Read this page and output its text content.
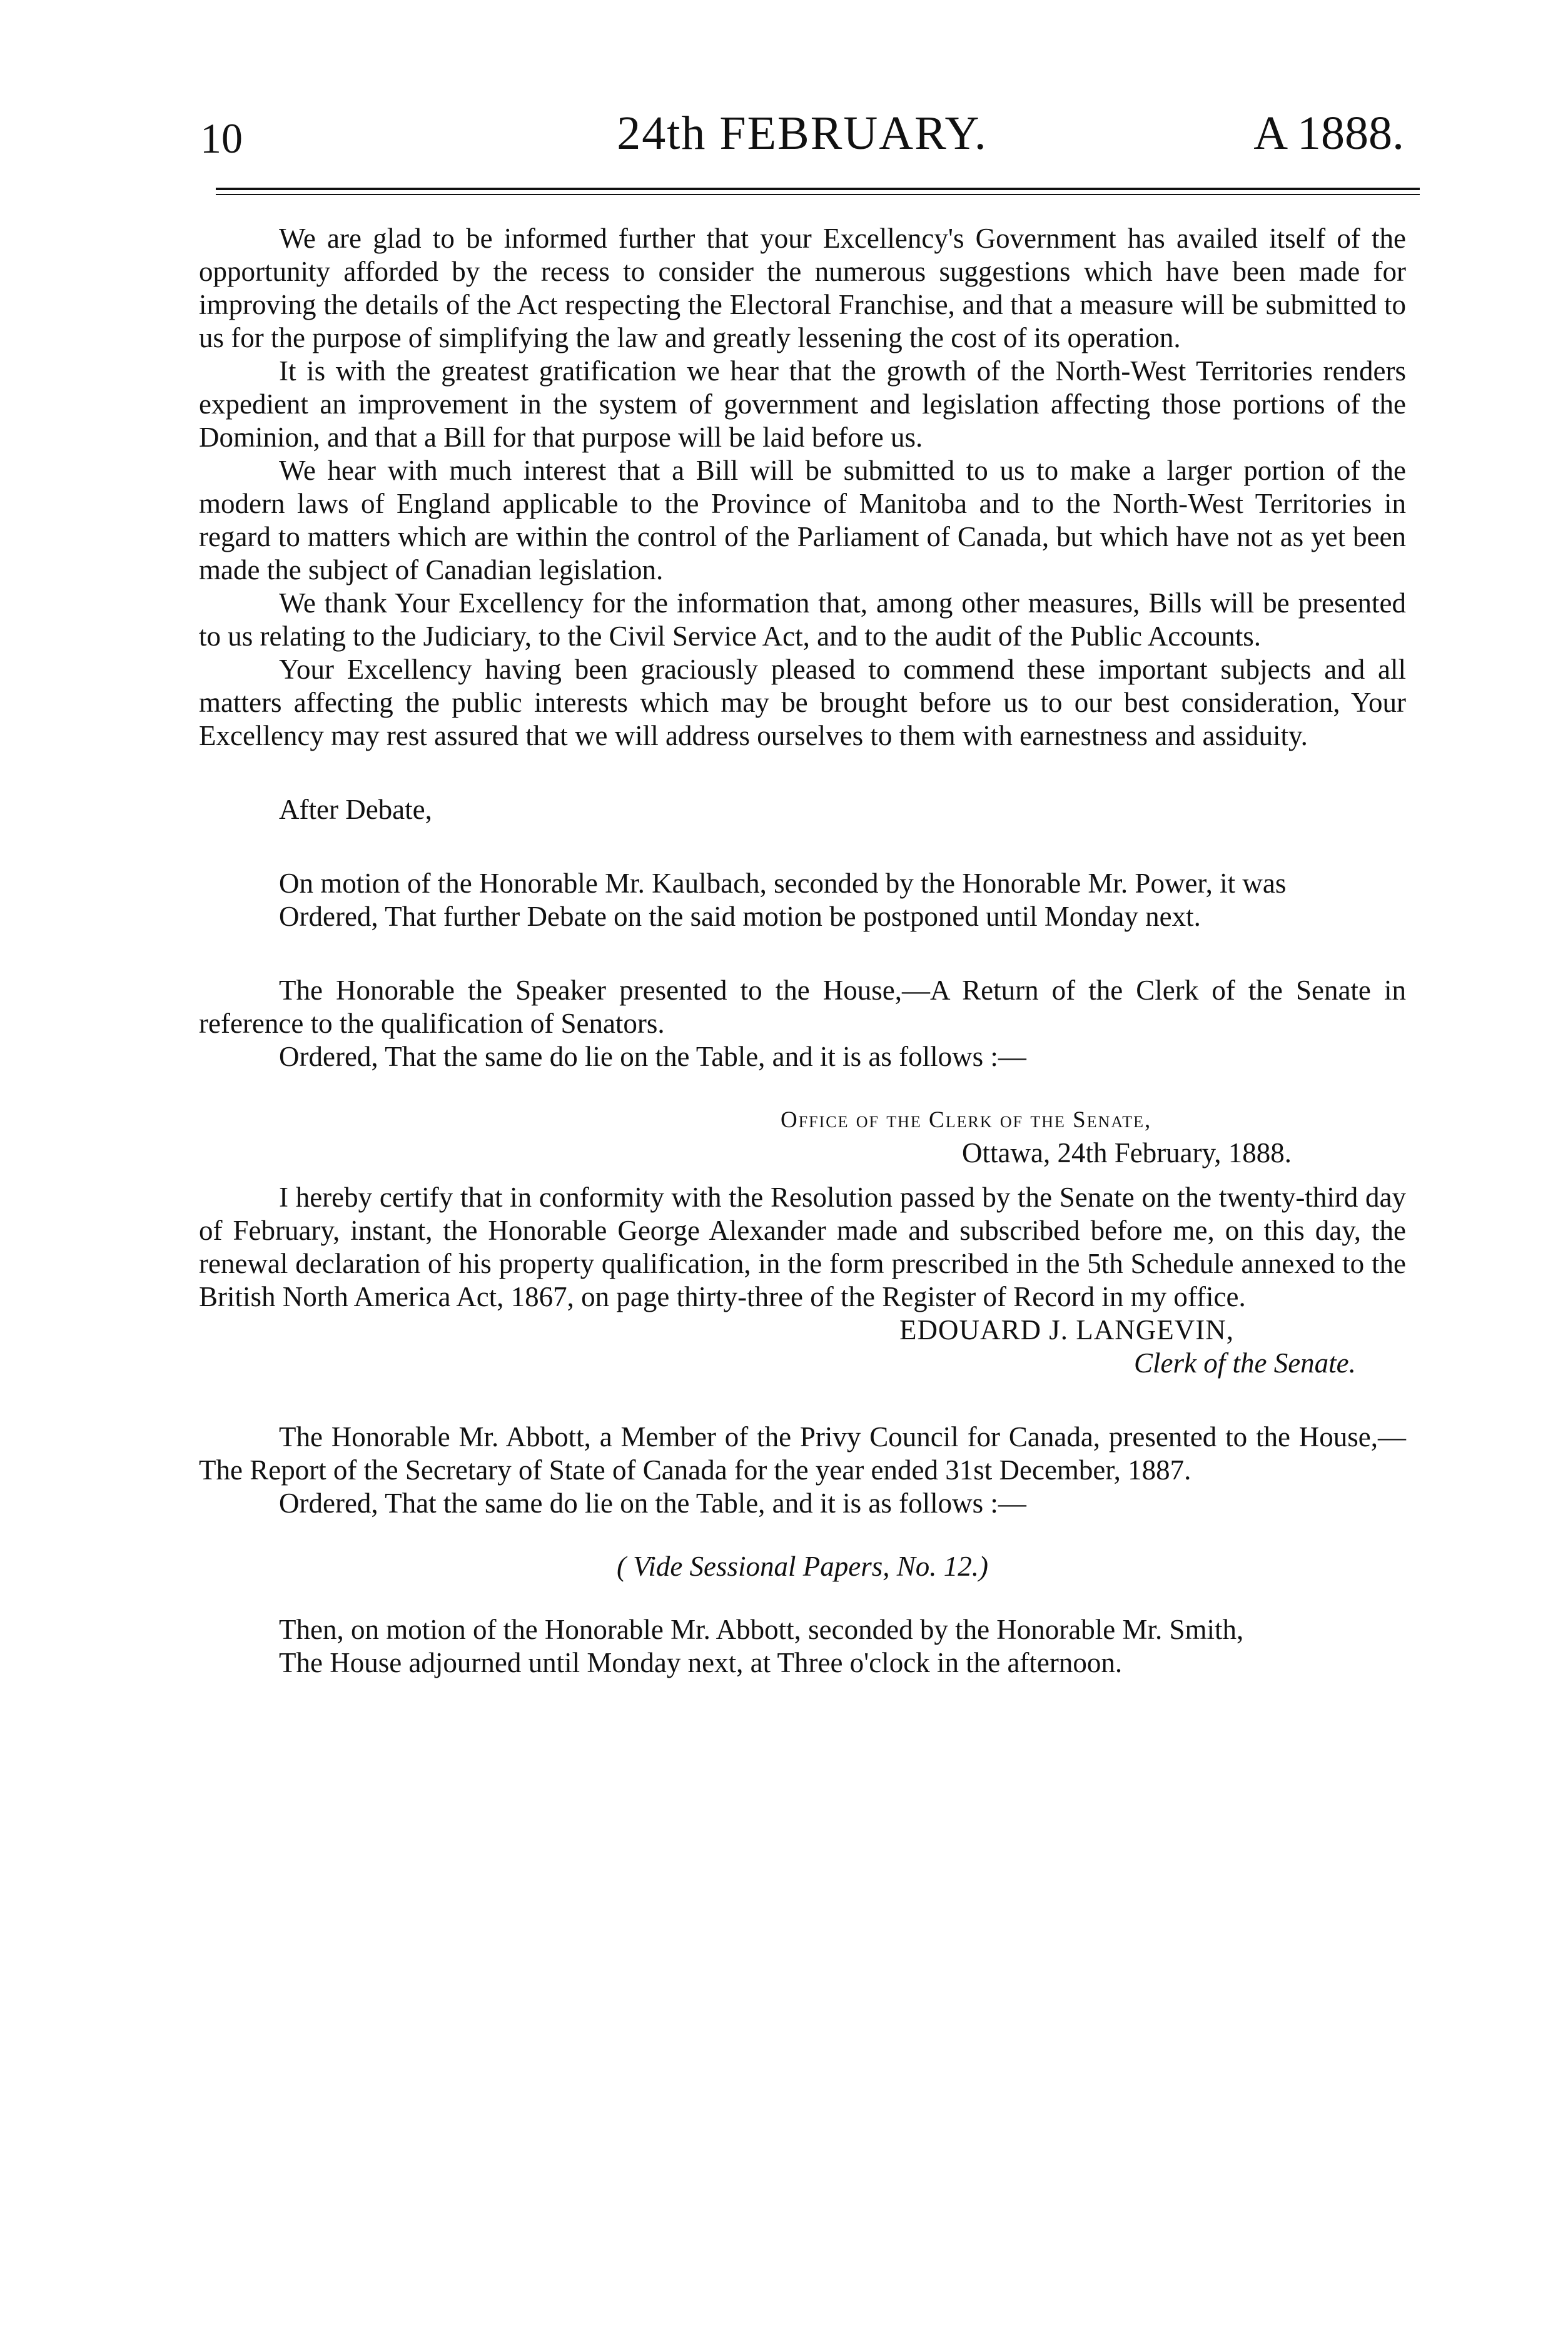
10	24th FEBRUARY.	A 1888.

We are glad to be informed further that your Excellency's Government has availed itself of the opportunity afforded by the recess to consider the numerous suggestions which have been made for improving the details of the Act respecting the Electoral Franchise, and that a measure will be submitted to us for the purpose of simplifying the law and greatly lessening the cost of its operation.

It is with the greatest gratification we hear that the growth of the North-West Territories renders expedient an improvement in the system of government and legislation affecting those portions of the Dominion, and that a Bill for that purpose will be laid before us.

We hear with much interest that a Bill will be submitted to us to make a larger portion of the modern laws of England applicable to the Province of Manitoba and to the North-West Territories in regard to matters which are within the control of the Parliament of Canada, but which have not as yet been made the subject of Canadian legislation.

We thank Your Excellency for the information that, among other measures, Bills will be presented to us relating to the Judiciary, to the Civil Service Act, and to the audit of the Public Accounts.

Your Excellency having been graciously pleased to commend these important subjects and all matters affecting the public interests which may be brought before us to our best consideration, Your Excellency may rest assured that we will address ourselves to them with earnestness and assiduity.

After Debate,

On motion of the Honorable Mr. Kaulbach, seconded by the Honorable Mr. Power, it was

Ordered, That further Debate on the said motion be postponed until Monday next.

The Honorable the Speaker presented to the House,—A Return of the Clerk of the Senate in reference to the qualification of Senators.

Ordered, That the same do lie on the Table, and it is as follows :—

Office of the Clerk of the Senate,

Ottawa, 24th February, 1888.

I hereby certify that in conformity with the Resolution passed by the Senate on the twenty-third day of February, instant, the Honorable George Alexander made and subscribed before me, on this day, the renewal declaration of his property qualification, in the form prescribed in the 5th Schedule annexed to the British North America Act, 1867, on page thirty-three of the Register of Record in my office.

EDOUARD J. LANGEVIN,

Clerk of the Senate.

The Honorable Mr. Abbott, a Member of the Privy Council for Canada, presented to the House,—The Report of the Secretary of State of Canada for the year ended 31st December, 1887.

Ordered, That the same do lie on the Table, and it is as follows :—

( Vide Sessional Papers, No. 12.)

Then, on motion of the Honorable Mr. Abbott, seconded by the Honorable Mr. Smith,

The House adjourned until Monday next, at Three o'clock in the afternoon.
